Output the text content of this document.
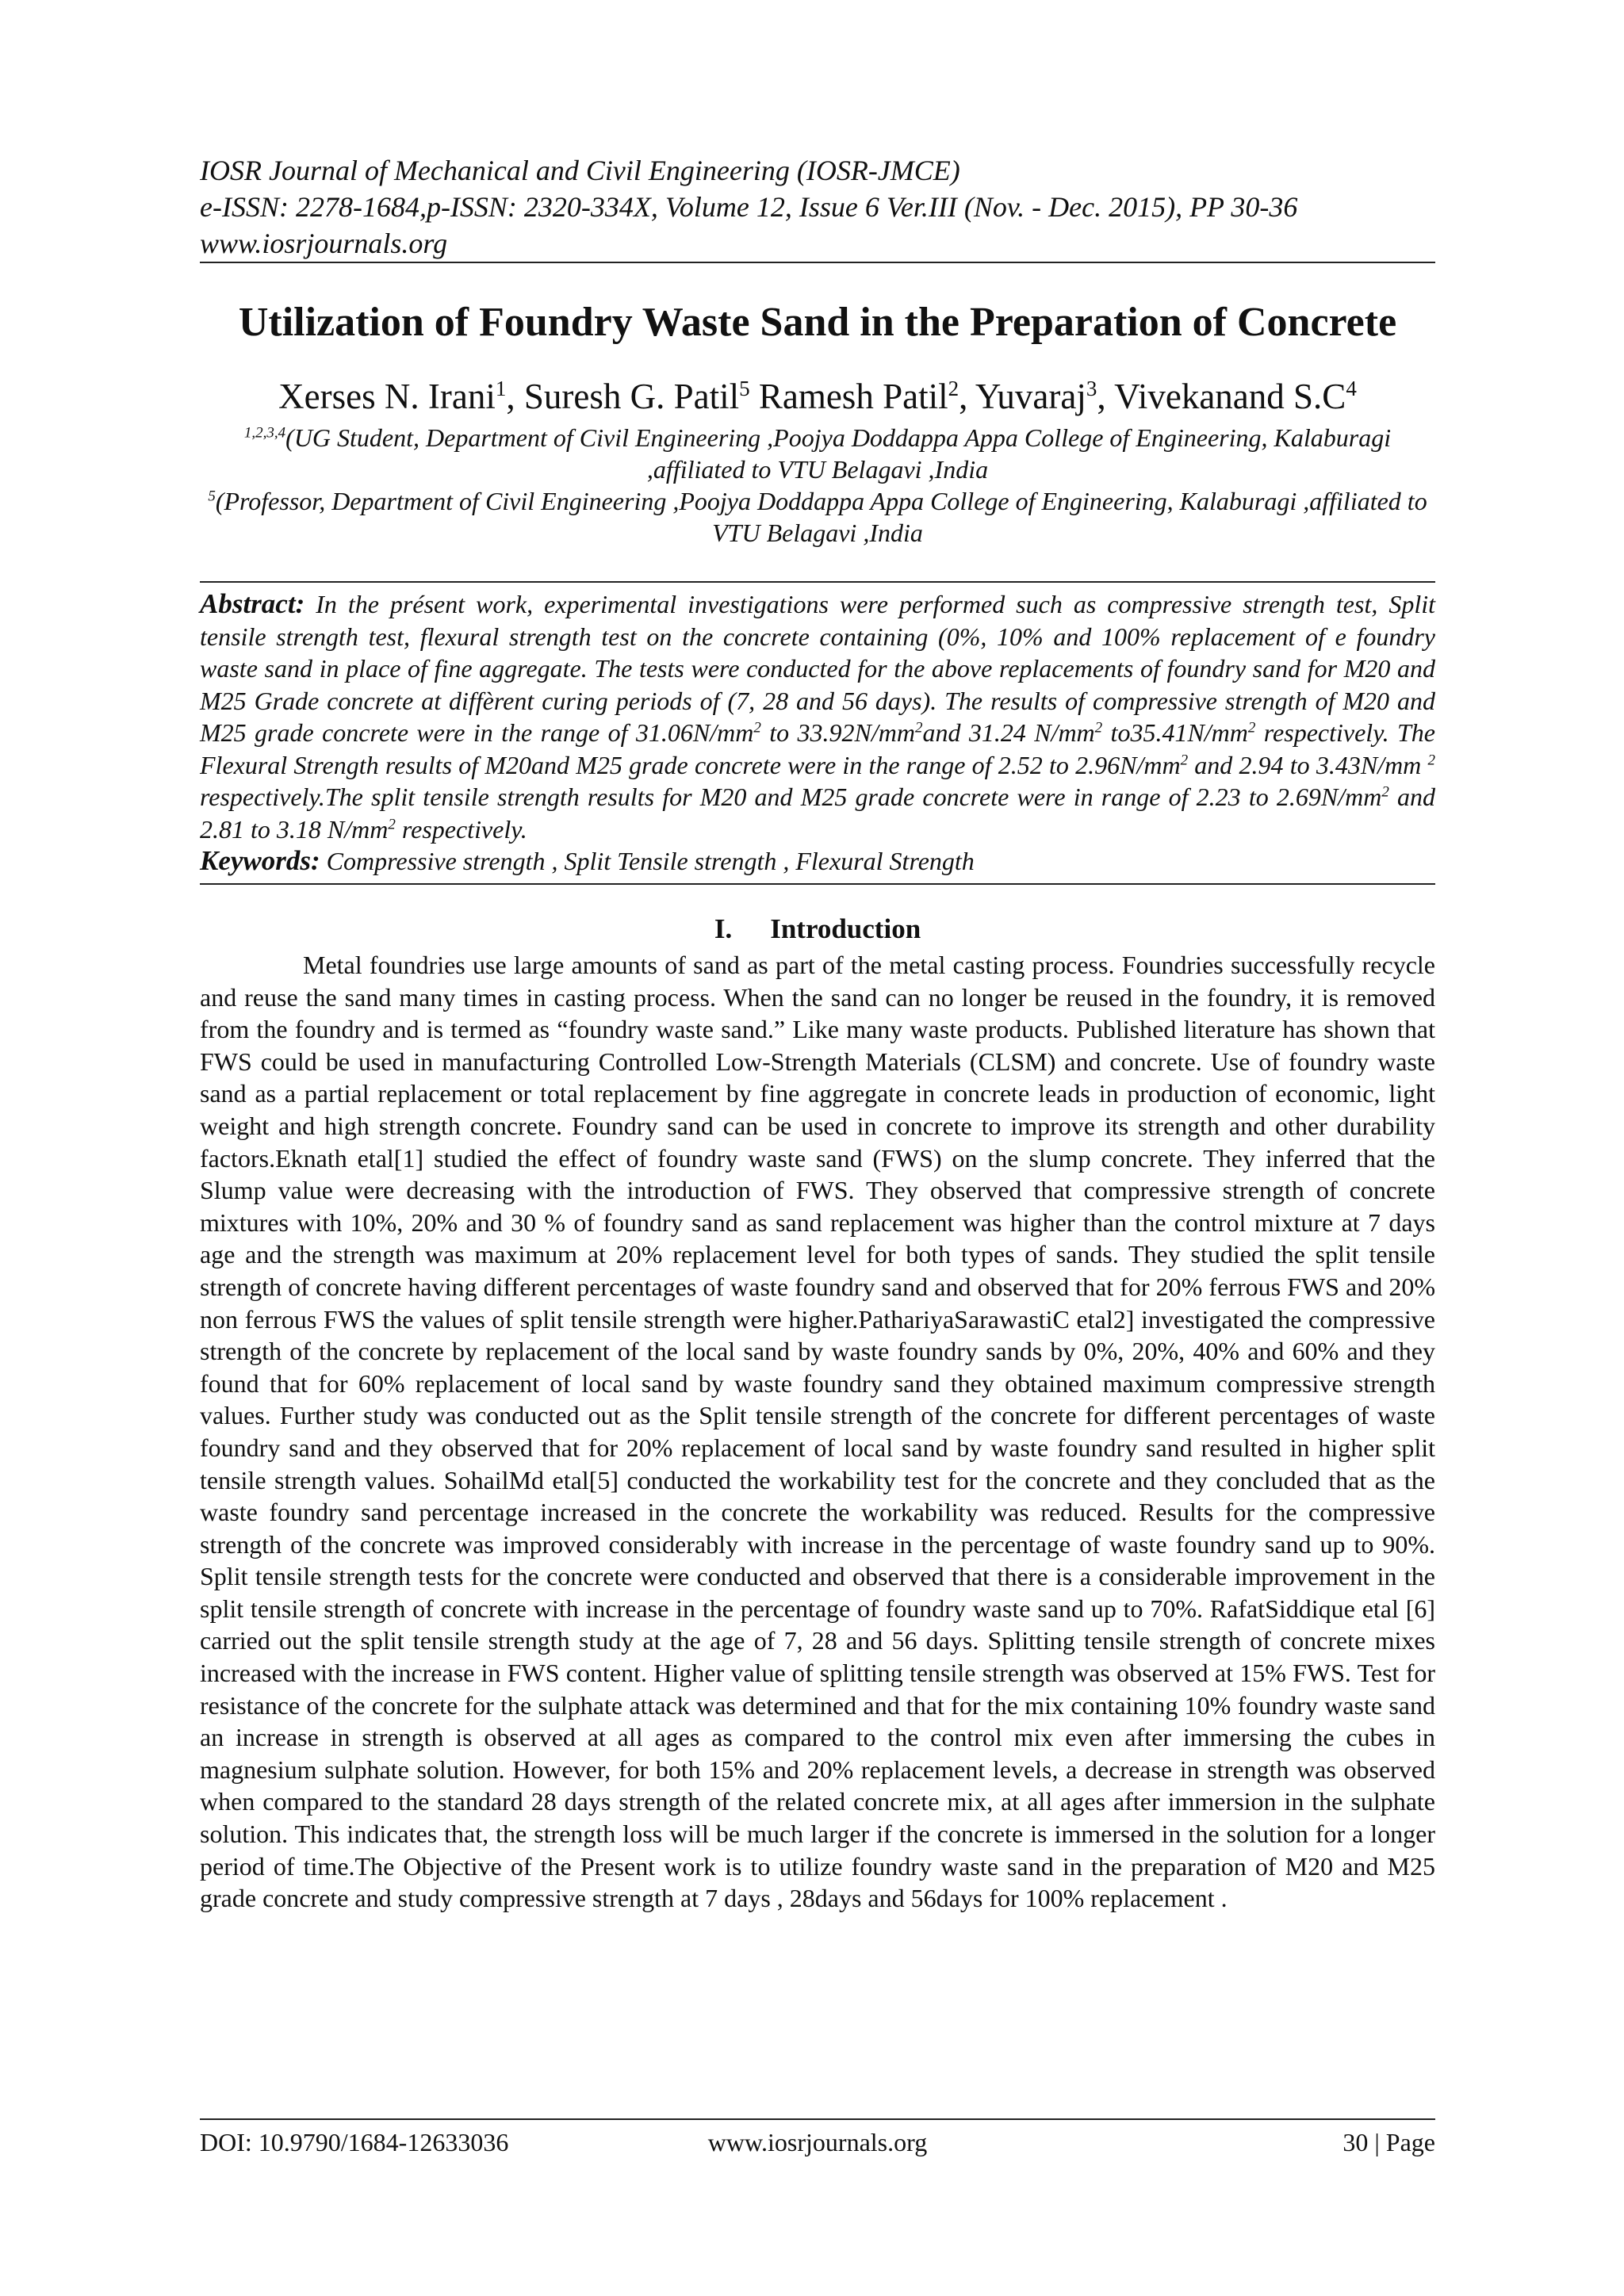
IOSR Journal of Mechanical and Civil Engineering (IOSR-JMCE)
e-ISSN: 2278-1684,p-ISSN: 2320-334X, Volume 12, Issue 6 Ver.III (Nov. - Dec. 2015), PP 30-36
www.iosrjournals.org
Utilization of Foundry Waste Sand in the Preparation of Concrete
Xerses N. Irani$^1$, Suresh G. Patil$^5$ Ramesh Patil$^2$, Yuvaraj$^3$, Vivekanand $S.C^4$

$^{1,2,3,4}$(UG Student, Department of Civil Engineering ,Poojya Doddappa Appa College of Engineering, Kalaburagi ,affiliated to VTU Belagavi ,India

$^5$(Professor, Department of Civil Engineering ,Poojya Doddappa Appa College of Engineering, Kalaburagi ,affiliated to VTU Belagavi ,India

Abstract: In the présent work, experimental investigations were performed such as compressive strength test, Split tensile strength test, flexural strength test on the concrete containing (0%, 10% and 100% replacement of e foundry waste sand in place of fine aggregate. The tests were conducted for the above replacements of foundry sand for M20 and M25 Grade concrete at diffèrent curing periods of (7, 28 and 56 days). The results of compressive strength of M20 and M25 grade concrete were in the range of $31.06N/mm^2$ to $33.92N/mm^2and$ 31.24 $N/mm^2$ $to35.41N/mm^2$ respectively. The Flexural Strength results of M20and M25 grade concrete were in the range of 2.52 to $2.96N/mm^2$ and 2.94 to 3.43N/mm $^2$ respectively.The split tensile strength results for M20 and M25 grade concrete were in range of 2.23 to $2.69N/mm^2$ and 2.81 to 3.18 $N/mm^2$ respectively.

Keywords: Compressive strength , Split Tensile strength , Flexural Strength

I. Introduction

Metal foundries use large amounts of sand as part of the metal casting process. Foundries successfully recycle and reuse the sand many times in casting process. When the sand can no longer be reused in the foundry, it is removed from the foundry and is termed as “foundry waste sand.” Like many waste products. Published literature has shown that FWS could be used in manufacturing Controlled Low-Strength Materials (CLSM) and concrete. Use of foundry waste sand as a partial replacement or total replacement by fine aggregate in concrete leads in production of economic, light weight and high strength concrete. Foundry sand can be used in concrete to improve its strength and other durability factors.Eknath etal[1] studied the effect of foundry waste sand (FWS) on the slump concrete. They inferred that the Slump value were decreasing with the introduction of FWS. They observed that compressive strength of concrete mixtures with 10%, 20% and 30 % of foundry sand as sand replacement was higher than the control mixture at 7 days age and the strength was maximum at 20% replacement level for both types of sands. They studied the split tensile strength of concrete having different percentages of waste foundry sand and observed that for 20% ferrous FWS and 20% non ferrous FWS the values of split tensile strength were higher.PathariyaSarawastiC etal2] investigated the compressive strength of the concrete by replacement of the local sand by waste foundry sands by 0%, 20%, 40% and 60% and they found that for 60% replacement of local sand by waste foundry sand they obtained maximum compressive strength values. Further study was conducted out as the Split tensile strength of the concrete for different percentages of waste foundry sand and they observed that for 20% replacement of local sand by waste foundry sand resulted in higher split tensile strength values. SohailMd etal[5] conducted the workability test for the concrete and they concluded that as the waste foundry sand percentage increased in the concrete the workability was reduced. Results for the compressive strength of the concrete was improved considerably with increase in the percentage of waste foundry sand up to 90%. Split tensile strength tests for the concrete were conducted and observed that there is a considerable improvement in the split tensile strength of concrete with increase in the percentage of foundry waste sand up to 70%. RafatSiddique etal [6] carried out the split tensile strength study at the age of 7, 28 and 56 days. Splitting tensile strength of concrete mixes increased with the increase in FWS content. Higher value of splitting tensile strength was observed at 15% FWS. Test for resistance of the concrete for the sulphate attack was determined and that for the mix containing 10% foundry waste sand an increase in strength is observed at all ages as compared to the control mix even after immersing the cubes in magnesium sulphate solution. However, for both 15% and 20% replacement levels, a decrease in strength was observed when compared to the standard 28 days strength of the related concrete mix, at all ages after immersion in the sulphate solution. This indicates that, the strength loss will be much larger if the concrete is immersed in the solution for a longer period of time.The Objective of the Present work is to utilize foundry waste sand in the preparation of M20 and M25 grade concrete and study compressive strength at 7 days , 28days and 56days for 100% replacement .

DOI: 10.9790/1684-12633036	www.iosrjournals.org	30 | Page
